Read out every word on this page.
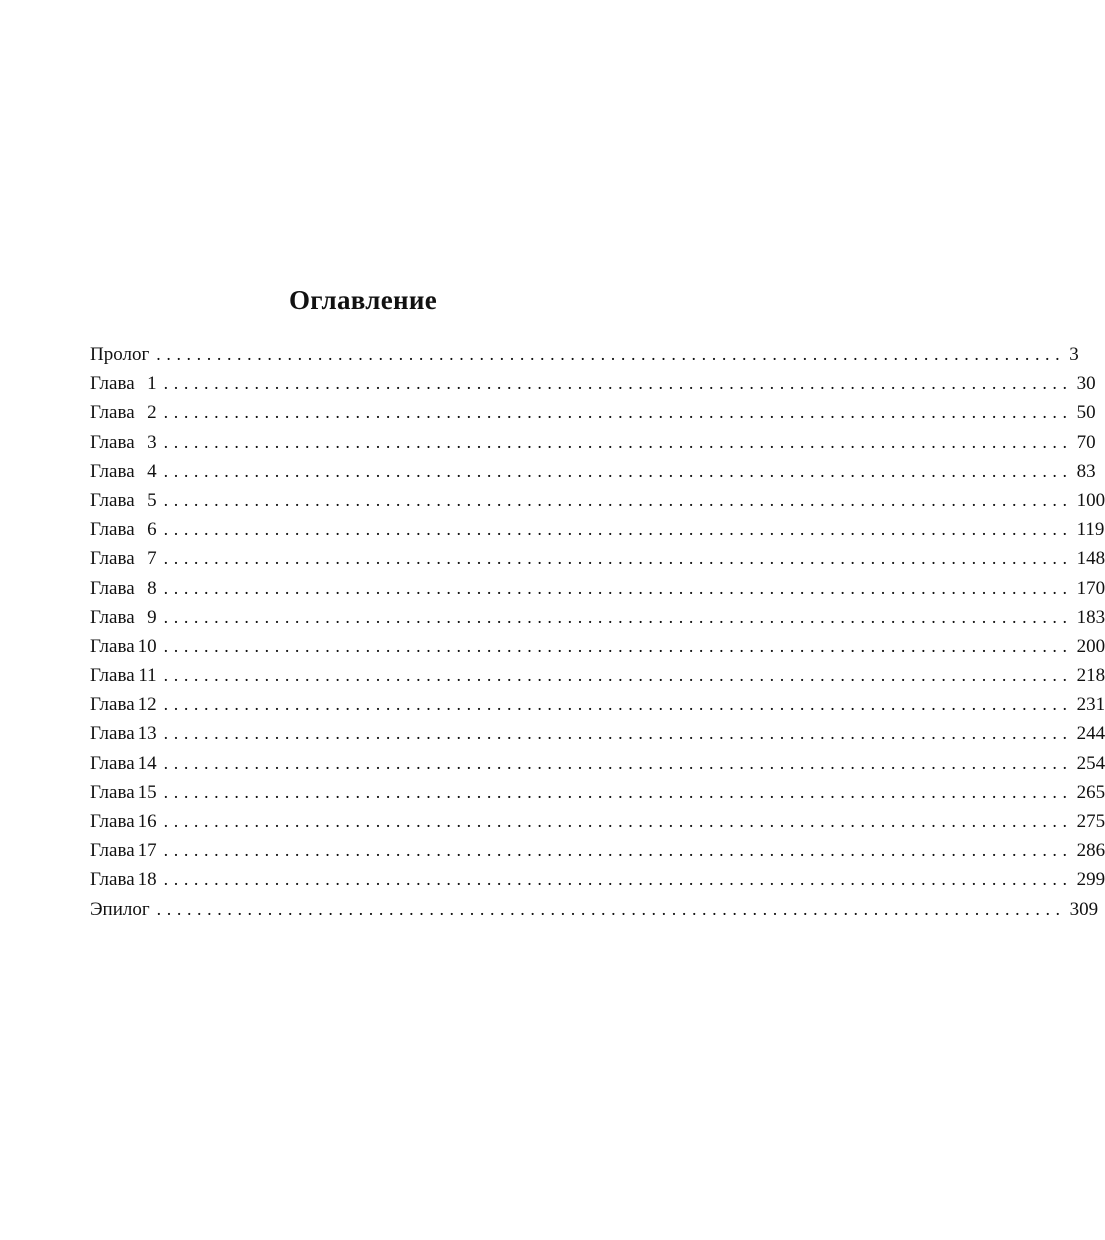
Оглавление
Пролог .......................................................................................... 3
Глава 1 .......................................................................................... 30
Глава 2 .......................................................................................... 50
Глава 3 .......................................................................................... 70
Глава 4 .......................................................................................... 83
Глава 5 .......................................................................................... 100
Глава 6 .......................................................................................... 119
Глава 7 .......................................................................................... 148
Глава 8 .......................................................................................... 170
Глава 9 .......................................................................................... 183
Глава 10 .......................................................................................... 200
Глава 11 .......................................................................................... 218
Глава 12 .......................................................................................... 231
Глава 13 .......................................................................................... 244
Глава 14 .......................................................................................... 254
Глава 15 .......................................................................................... 265
Глава 16 .......................................................................................... 275
Глава 17 .......................................................................................... 286
Глава 18 .......................................................................................... 299
Эпилог .......................................................................................... 309
